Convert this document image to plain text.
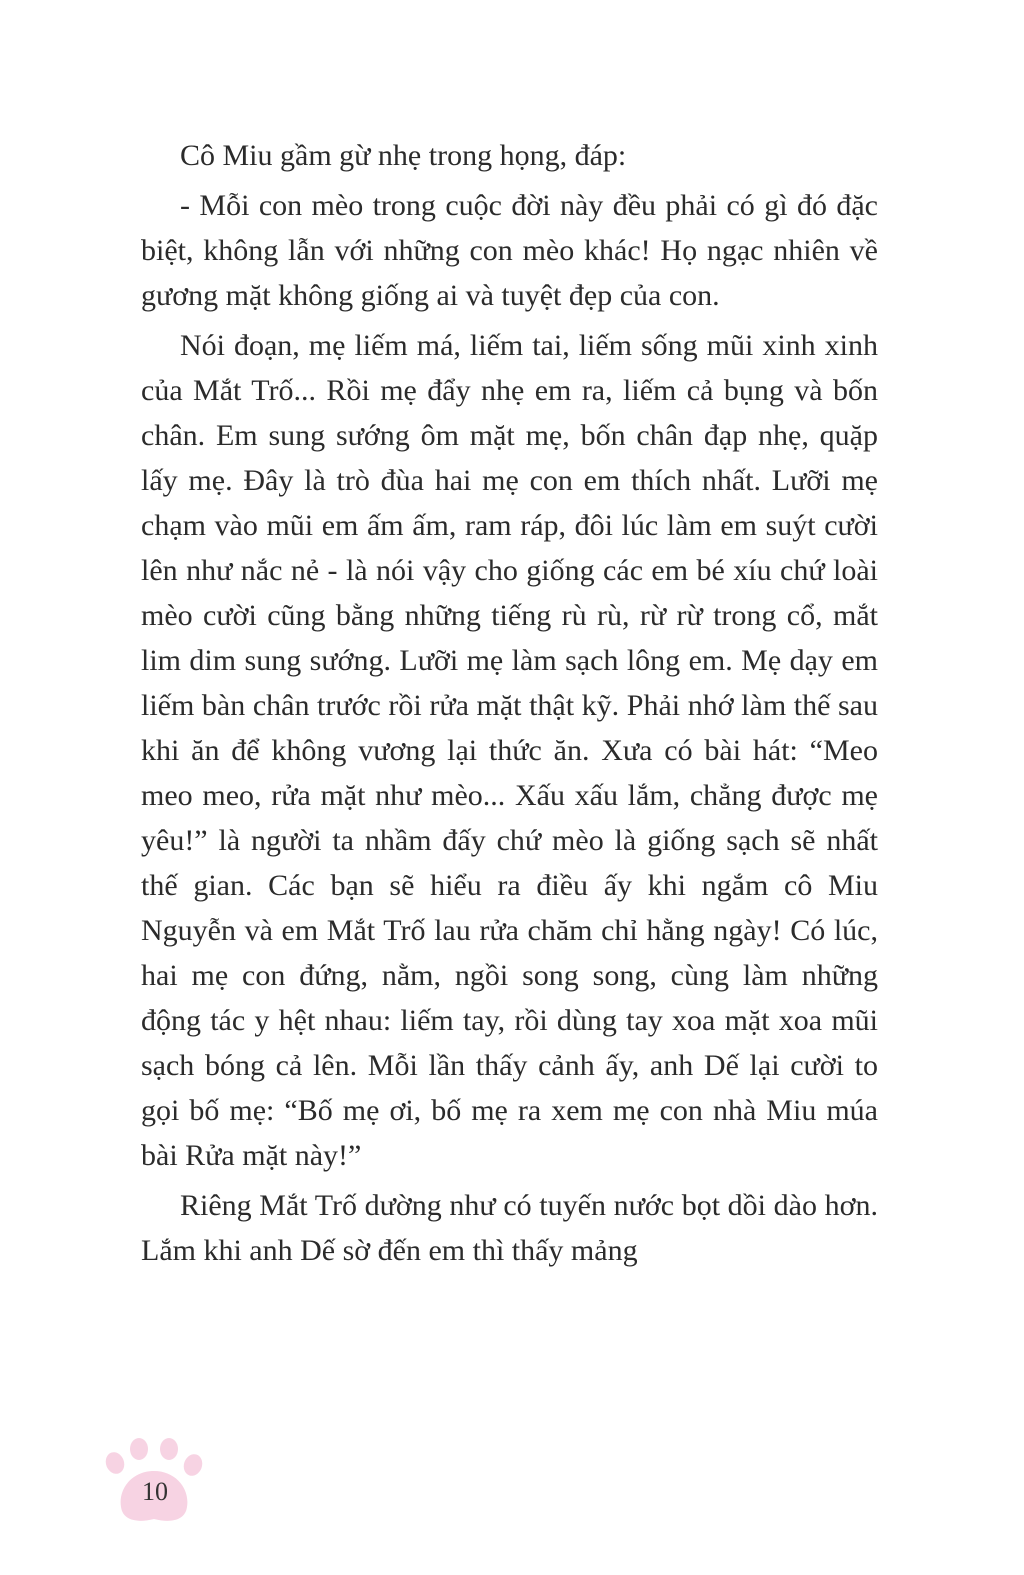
Cô Miu gầm gừ nhẹ trong họng, đáp:

- Mỗi con mèo trong cuộc đời này đều phải có gì đó đặc biệt, không lẫn với những con mèo khác! Họ ngạc nhiên về gương mặt không giống ai và tuyệt đẹp của con.

Nói đoạn, mẹ liếm má, liếm tai, liếm sống mũi xinh xinh của Mắt Trố... Rồi mẹ đẩy nhẹ em ra, liếm cả bụng và bốn chân. Em sung sướng ôm mặt mẹ, bốn chân đạp nhẹ, quặp lấy mẹ. Đây là trò đùa hai mẹ con em thích nhất. Lưỡi mẹ chạm vào mũi em ấm ấm, ram ráp, đôi lúc làm em suýt cười lên như nắc nẻ - là nói vậy cho giống các em bé xíu chứ loài mèo cười cũng bằng những tiếng rù rù, rừ rừ trong cổ, mắt lim dim sung sướng. Lưỡi mẹ làm sạch lông em. Mẹ dạy em liếm bàn chân trước rồi rửa mặt thật kỹ. Phải nhớ làm thế sau khi ăn để không vương lại thức ăn. Xưa có bài hát: “Meo meo meo, rửa mặt như mèo... Xấu xấu lắm, chẳng được mẹ yêu!” là người ta nhầm đấy chứ mèo là giống sạch sẽ nhất thế gian. Các bạn sẽ hiểu ra điều ấy khi ngắm cô Miu Nguyễn và em Mắt Trố lau rửa chăm chỉ hằng ngày! Có lúc, hai mẹ con đứng, nằm, ngồi song song, cùng làm những động tác y hệt nhau: liếm tay, rồi dùng tay xoa mặt xoa mũi sạch bóng cả lên. Mỗi lần thấy cảnh ấy, anh Dế lại cười to gọi bố mẹ: “Bố mẹ ơi, bố mẹ ra xem mẹ con nhà Miu múa bài Rửa mặt này!”

Riêng Mắt Trố dường như có tuyến nước bọt dồi dào hơn. Lắm khi anh Dế sờ đến em thì thấy mảng

10
